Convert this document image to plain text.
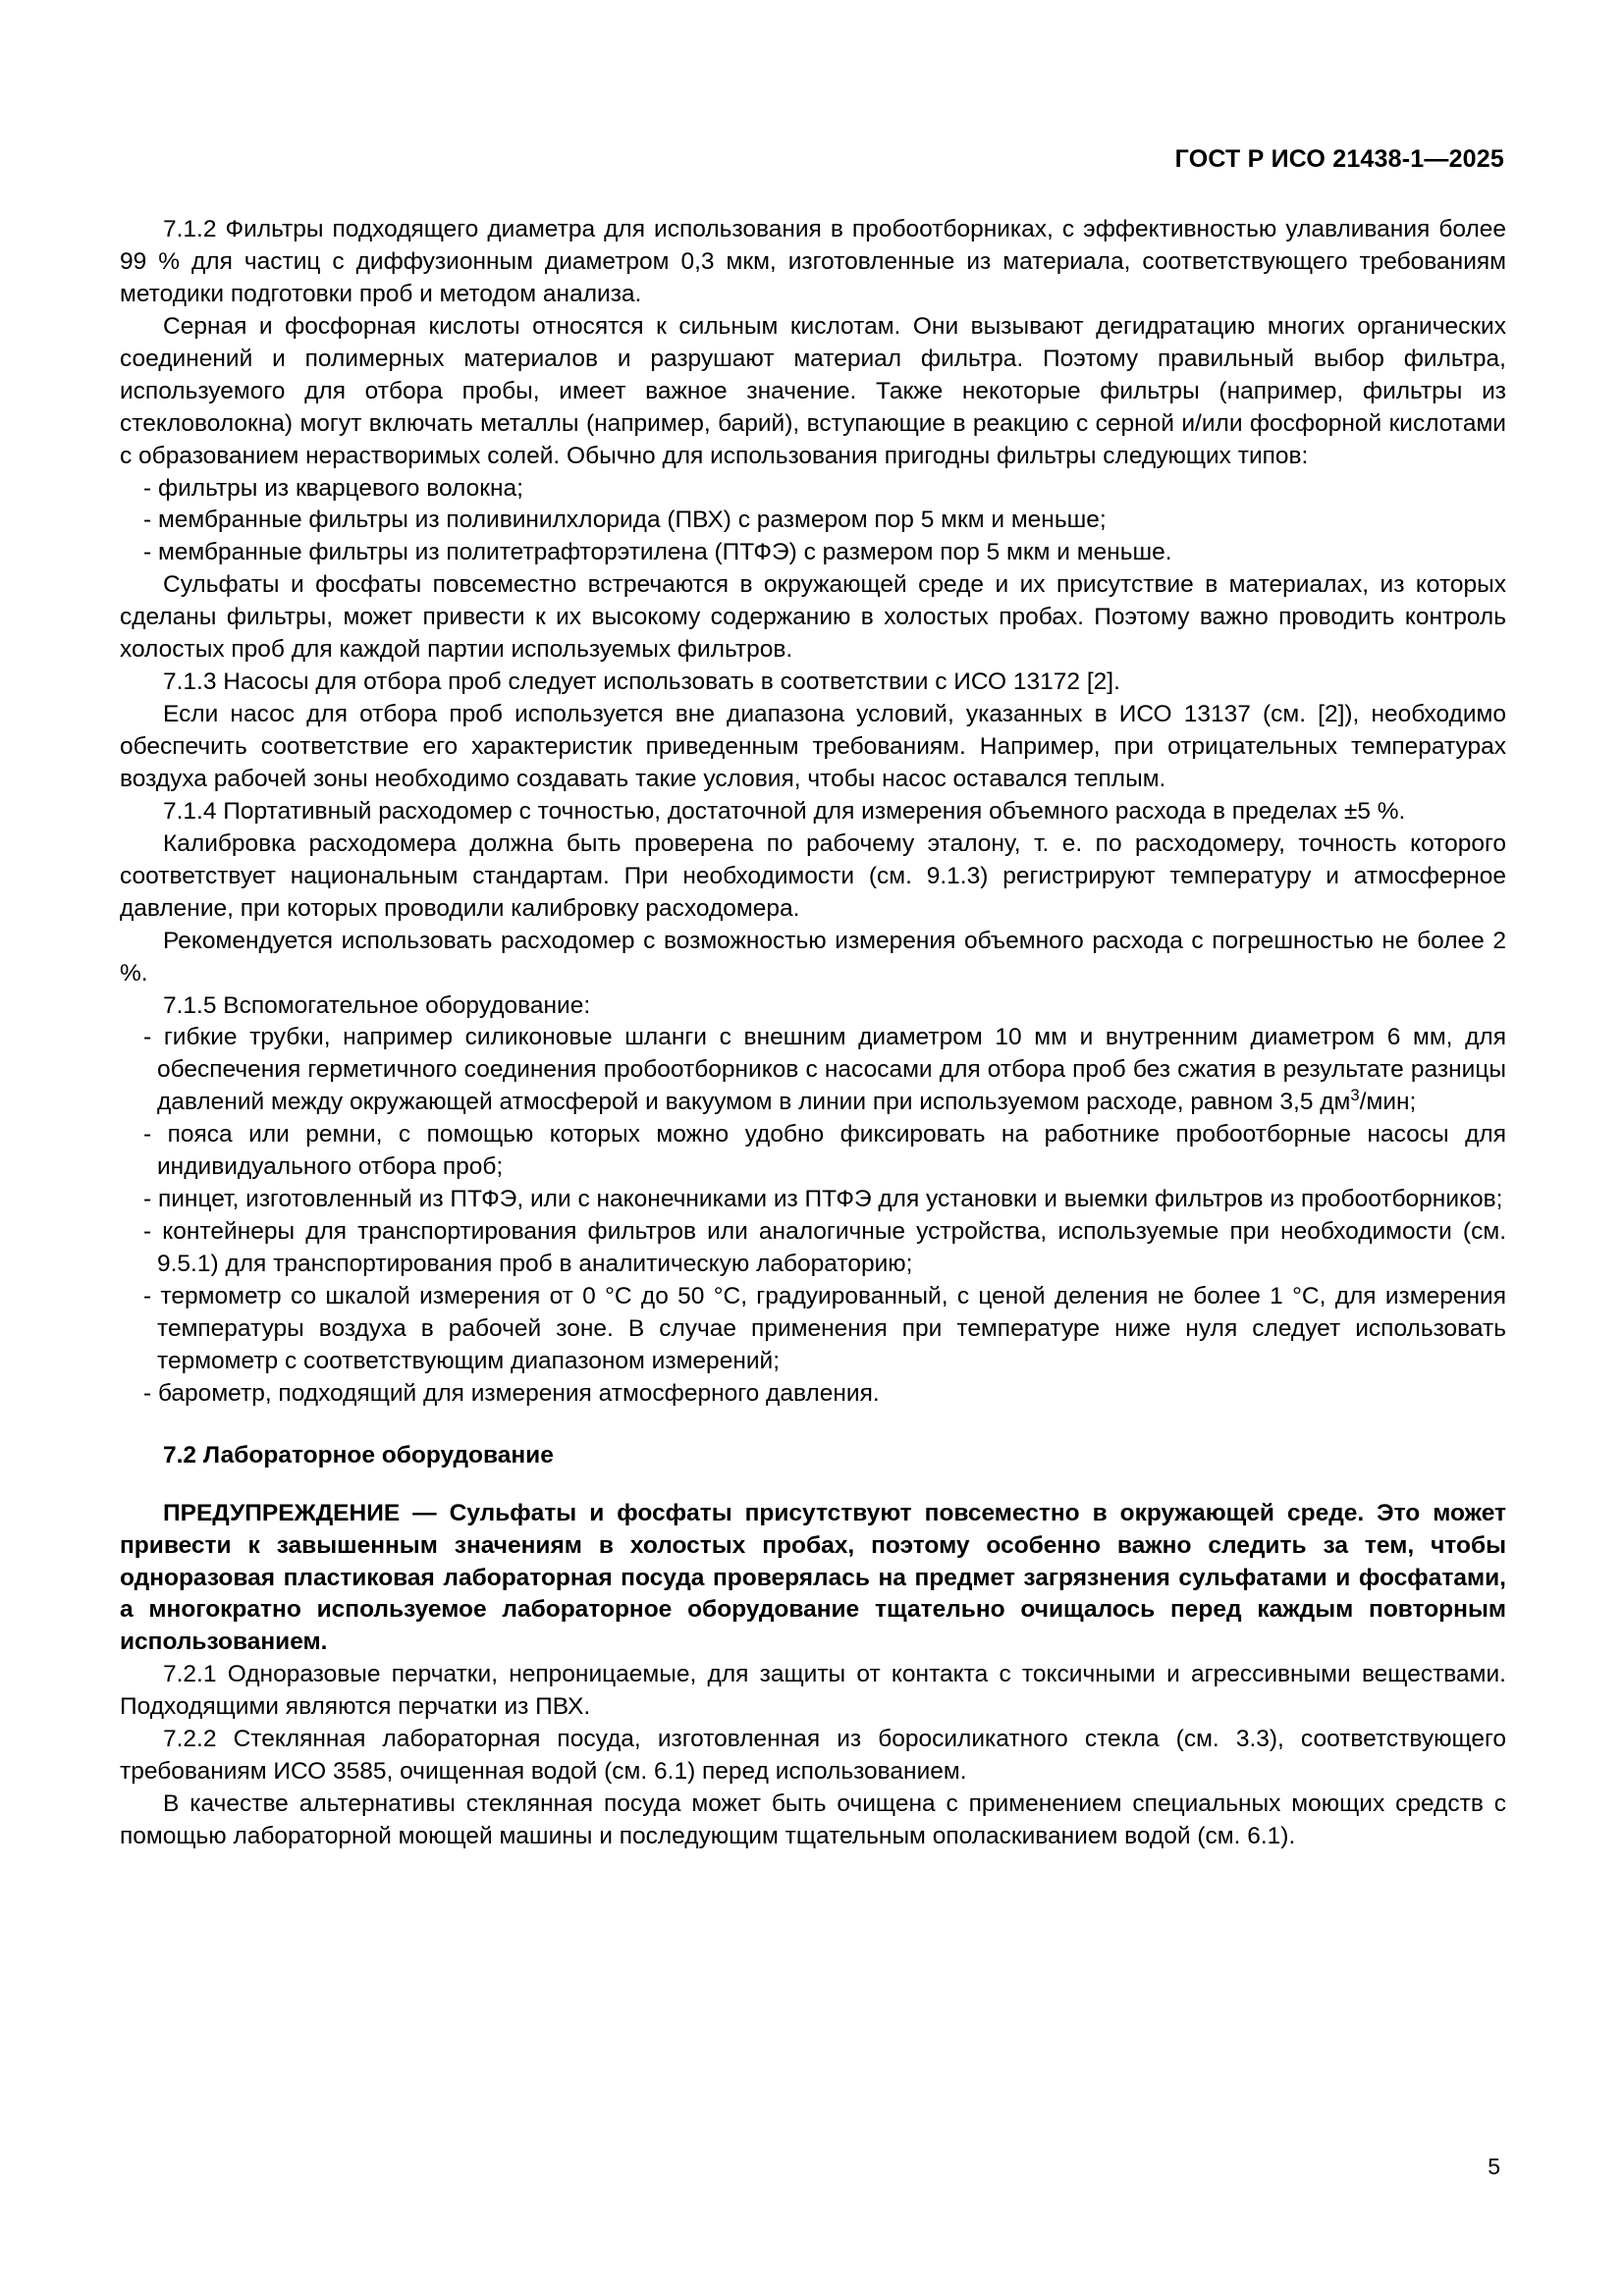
ГОСТ Р ИСО 21438-1—2025

7.1.2 Фильтры подходящего диаметра для использования в пробоотборниках, с эффективностью улавливания более 99 % для частиц с диффузионным диаметром 0,3 мкм, изготовленные из материала, соответствующего требованиям методики подготовки проб и методом анализа.

Серная и фосфорная кислоты относятся к сильным кислотам. Они вызывают дегидратацию многих органических соединений и полимерных материалов и разрушают материал фильтра. Поэтому правильный выбор фильтра, используемого для отбора пробы, имеет важное значение. Также некоторые фильтры (например, фильтры из стекловолокна) могут включать металлы (например, барий), вступающие в реакцию с серной и/или фосфорной кислотами с образованием нерастворимых солей. Обычно для использования пригодны фильтры следующих типов:

- фильтры из кварцевого волокна;

- мембранные фильтры из поливинилхлорида (ПВХ) с размером пор 5 мкм и меньше;

- мембранные фильтры из политетрафторэтилена (ПТФЭ) с размером пор 5 мкм и меньше.

Сульфаты и фосфаты повсеместно встречаются в окружающей среде и их присутствие в материалах, из которых сделаны фильтры, может привести к их высокому содержанию в холостых пробах. Поэтому важно проводить контроль холостых проб для каждой партии используемых фильтров.

7.1.3 Насосы для отбора проб следует использовать в соответствии с ИСО 13172 [2].

Если насос для отбора проб используется вне диапазона условий, указанных в ИСО 13137 (см. [2]), необходимо обеспечить соответствие его характеристик приведенным требованиям. Например, при отрицательных температурах воздуха рабочей зоны необходимо создавать такие условия, чтобы насос оставался теплым.

7.1.4 Портативный расходомер с точностью, достаточной для измерения объемного расхода в пределах ±5 %.

Калибровка расходомера должна быть проверена по рабочему эталону, т. е. по расходомеру, точность которого соответствует национальным стандартам. При необходимости (см. 9.1.3) регистрируют температуру и атмосферное давление, при которых проводили калибровку расходомера.

Рекомендуется использовать расходомер с возможностью измерения объемного расхода с погрешностью не более 2 %.

7.1.5 Вспомогательное оборудование:

- гибкие трубки, например силиконовые шланги с внешним диаметром 10 мм и внутренним диаметром 6 мм, для обеспечения герметичного соединения пробоотборников с насосами для отбора проб без сжатия в результате разницы давлений между окружающей атмосферой и вакуумом в линии при используемом расходе, равном 3,5 $дм^3$/мин;

- пояса или ремни, с помощью которых можно удобно фиксировать на работнике пробоотборные насосы для индивидуального отбора проб;

- пинцет, изготовленный из ПТФЭ, или с наконечниками из ПТФЭ для установки и выемки фильтров из пробоотборников;

- контейнеры для транспортирования фильтров или аналогичные устройства, используемые при необходимости (см. 9.5.1) для транспортирования проб в аналитическую лабораторию;

- термометр со шкалой измерения от 0 °C до 50 °C, градуированный, с ценой деления не более 1 °C, для измерения температуры воздуха в рабочей зоне. В случае применения при температуре ниже нуля следует использовать термометр с соответствующим диапазоном измерений;

- барометр, подходящий для измерения атмосферного давления.

7.2 Лабораторное оборудование

ПРЕДУПРЕЖДЕНИЕ — Сульфаты и фосфаты присутствуют повсеместно в окружающей среде. Это может привести к завышенным значениям в холостых пробах, поэтому особенно важно следить за тем, чтобы одноразовая пластиковая лабораторная посуда проверялась на предмет загрязнения сульфатами и фосфатами, а многократно используемое лабораторное оборудование тщательно очищалось перед каждым повторным использованием.

7.2.1 Одноразовые перчатки, непроницаемые, для защиты от контакта с токсичными и агрессивными веществами. Подходящими являются перчатки из ПВХ.

7.2.2 Стеклянная лабораторная посуда, изготовленная из боросиликатного стекла (см. 3.3), соответствующего требованиям ИСО 3585, очищенная водой (см. 6.1) перед использованием.

В качестве альтернативы стеклянная посуда может быть очищена с применением специальных моющих средств с помощью лабораторной моющей машины и последующим тщательным ополаскиванием водой (см. 6.1).

5
